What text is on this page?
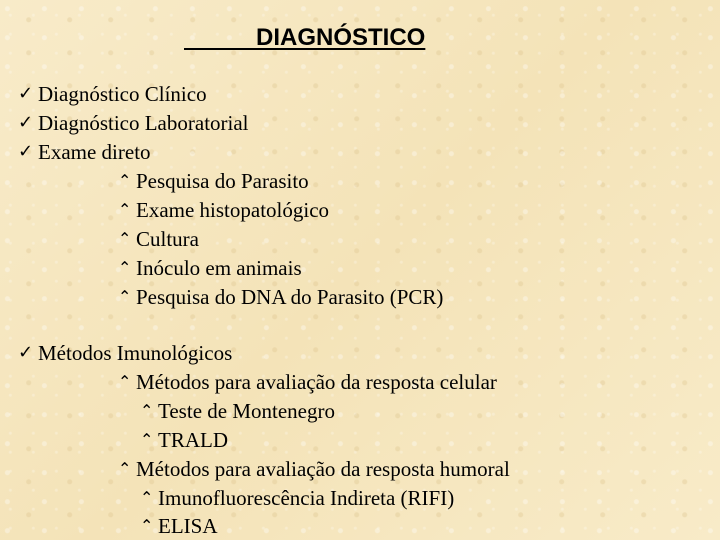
DIAGNÓSTICO
✓ Diagnóstico Clínico
✓ Diagnóstico Laboratorial
✓ Exame direto
⌃ Pesquisa do Parasito
⌃ Exame histopatológico
⌃ Cultura
⌃ Inóculo em animais
⌃ Pesquisa do DNA do Parasito (PCR)
✓ Métodos Imunológicos
⌃ Métodos para avaliação da resposta celular
⌃ Teste de Montenegro
⌃ TRALD
⌃ Métodos para avaliação da resposta humoral
⌃ Imunofluorescência Indireta (RIFI)
⌃ ELISA
